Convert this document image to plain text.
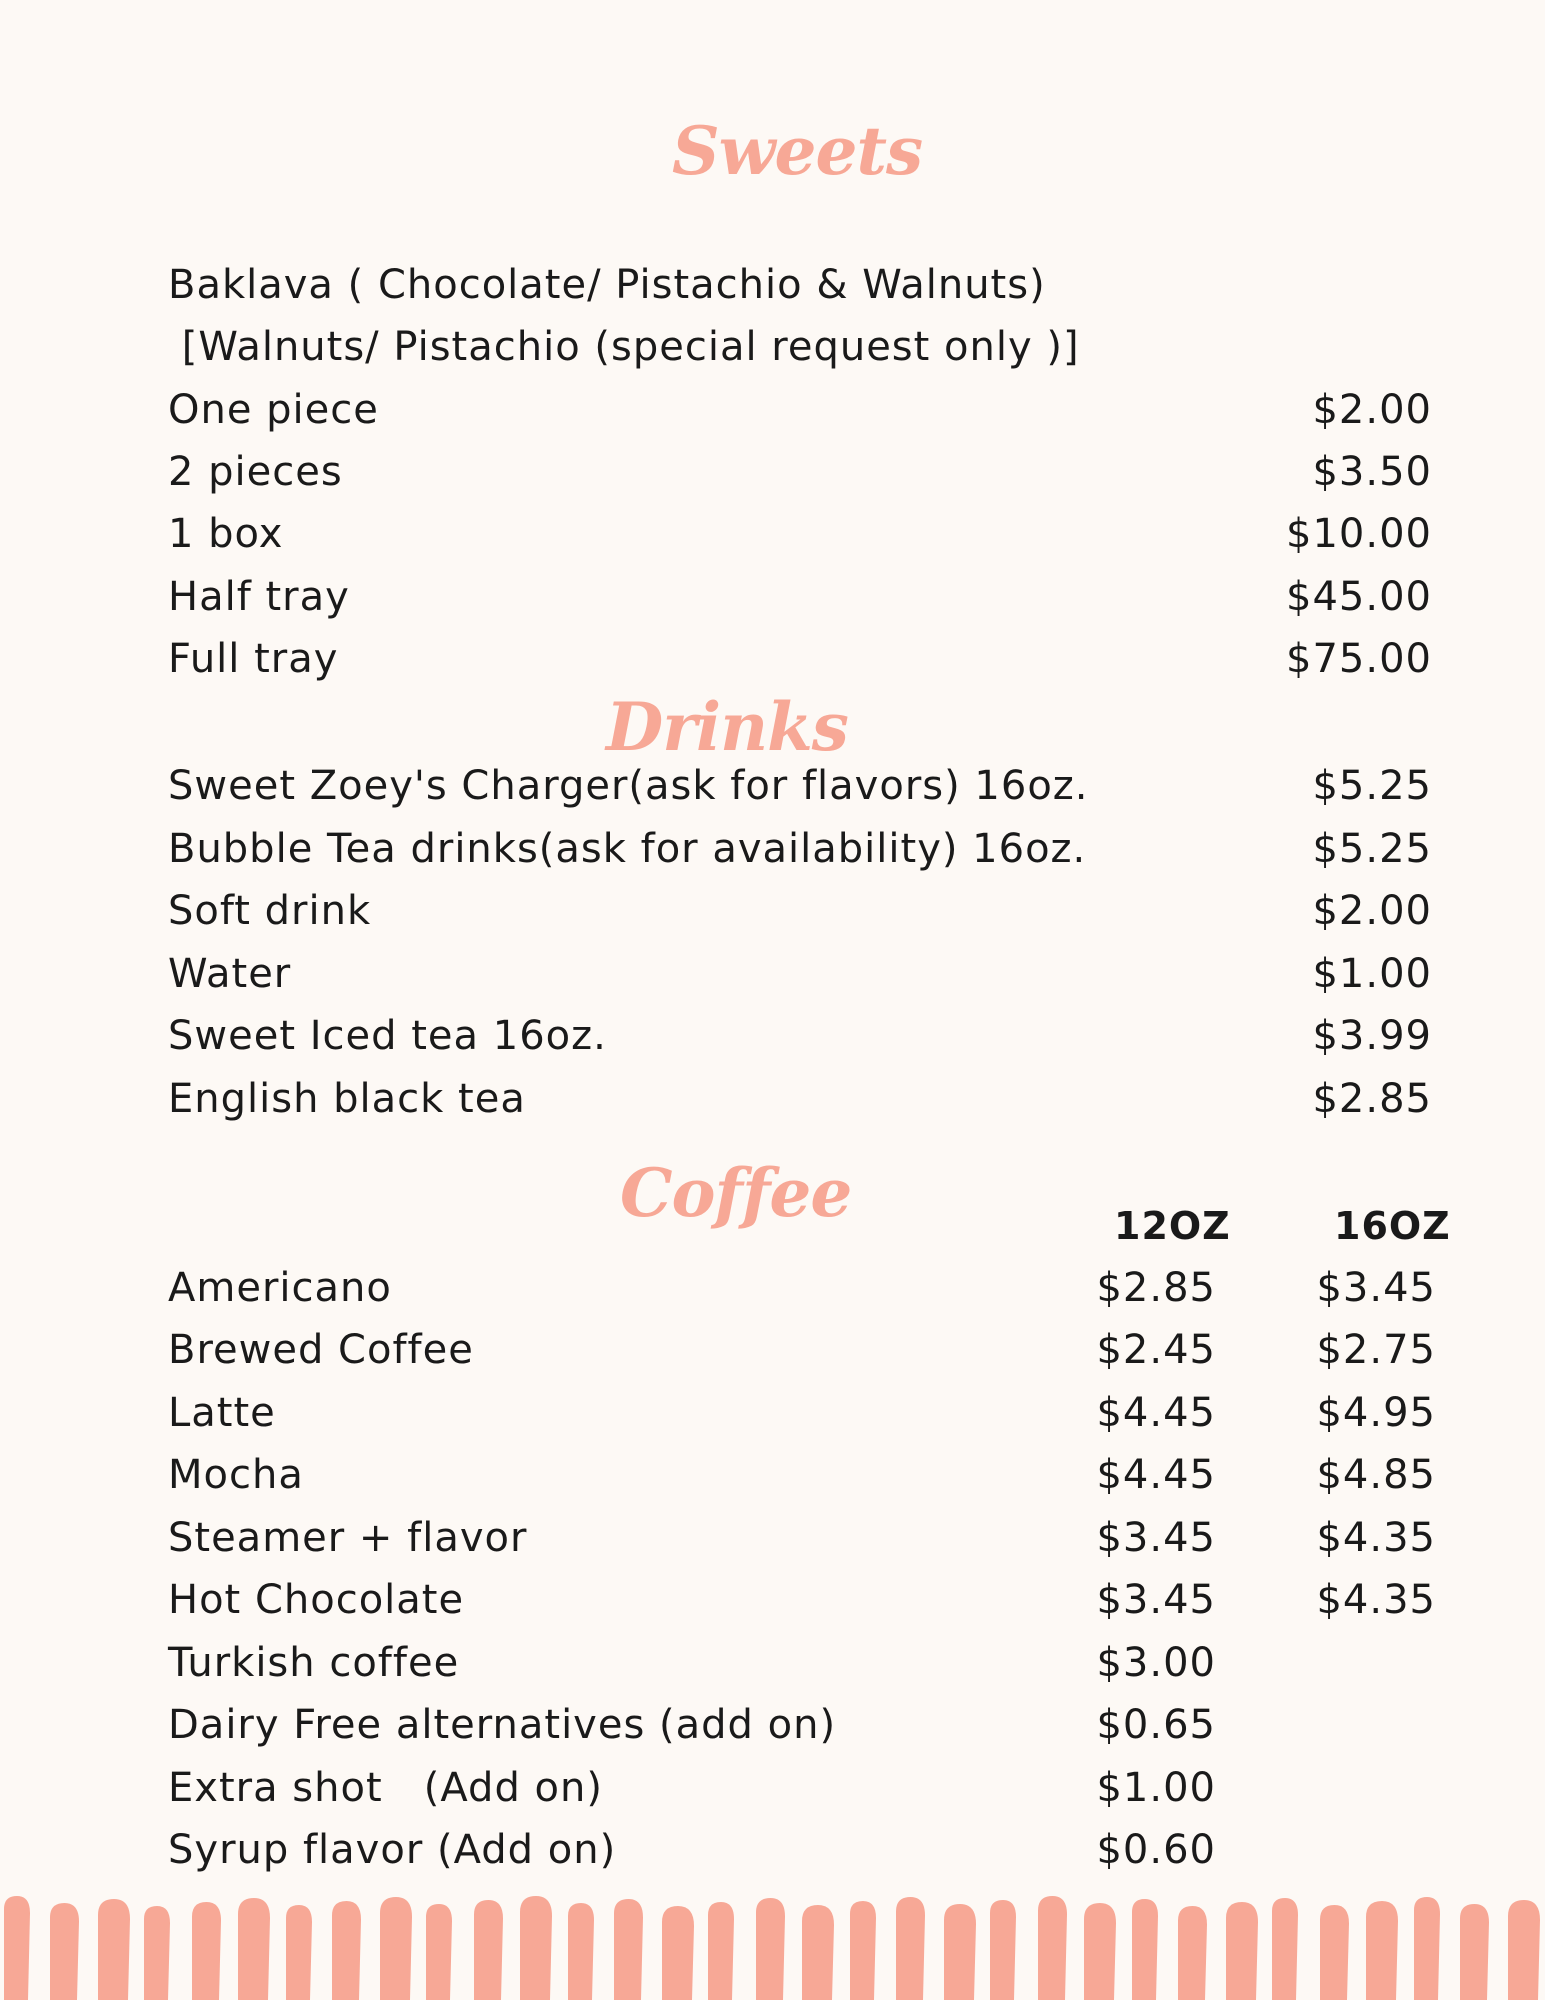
Sweets
Baklava ( Chocolate/ Pistachio & Walnuts)
[Walnuts/ Pistachio (special request only )]
One piece	$2.00
2 pieces	$3.50
1 box	$10.00
Half tray	$45.00
Full tray	$75.00
Drinks
Sweet Zoey's Charger(ask for flavors) 16oz.	$5.25
Bubble Tea drinks(ask for availability) 16oz.	$5.25
Soft drink	$2.00
Water	$1.00
Sweet Iced tea 16oz.	$3.99
English black tea	$2.85
Coffee	12OZ	16OZ
Americano	$2.85	$3.45
Brewed Coffee	$2.45	$2.75
Latte	$4.45	$4.95
Mocha	$4.45	$4.85
Steamer + flavor	$3.45	$4.35
Hot Chocolate	$3.45	$4.35
Turkish coffee	$3.00
Dairy Free alternatives (add on)	$0.65
Extra shot   (Add on)	$1.00
Syrup flavor (Add on)	$0.60
